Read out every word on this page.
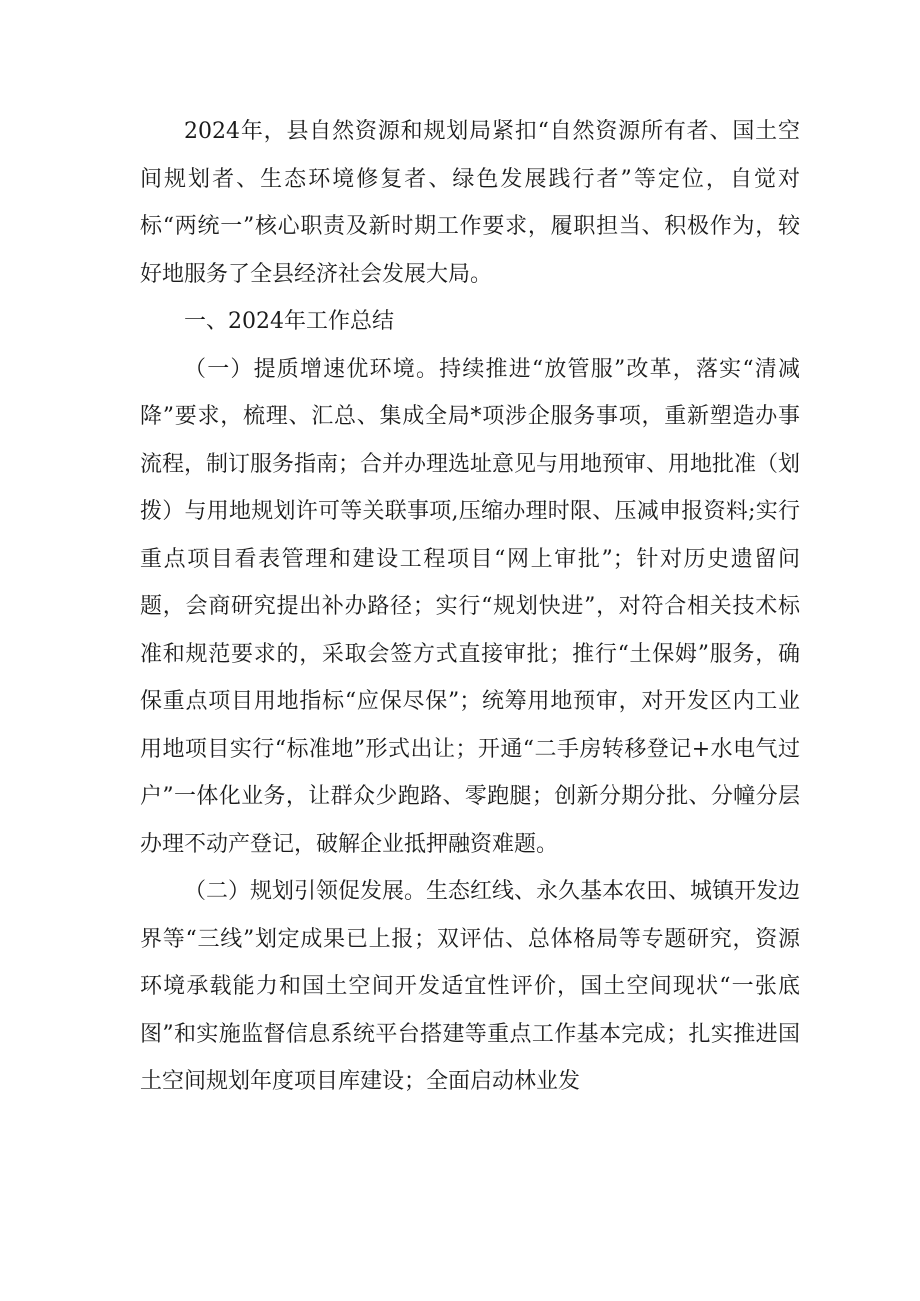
2024年，县自然资源和规划局紧扣“自然资源所有者、国土空间规划者、生态环境修复者、绿色发展践行者”等定位，自觉对标“两统一”核心职责及新时期工作要求，履职担当、积极作为，较好地服务了全县经济社会发展大局。

一、2024年工作总结

（一）提质增速优环境。持续推进“放管服”改革，落实“清减降”要求，梳理、汇总、集成全局*项涉企服务事项，重新塑造办事流程，制订服务指南；合并办理选址意见与用地预审、用地批准（划拨）与用地规划许可等关联事项,压缩办理时限、压减申报资料;实行重点项目看表管理和建设工程项目“网上审批”；针对历史遗留问题，会商研究提出补办路径；实行“规划快进”，对符合相关技术标准和规范要求的，采取会签方式直接审批；推行“土保姆”服务，确保重点项目用地指标“应保尽保”；统筹用地预审，对开发区内工业用地项目实行“标准地”形式出让；开通“二手房转移登记+水电气过户”一体化业务，让群众少跑路、零跑腿；创新分期分批、分幢分层办理不动产登记，破解企业抵押融资难题。

（二）规划引领促发展。生态红线、永久基本农田、城镇开发边界等“三线”划定成果已上报；双评估、总体格局等专题研究，资源环境承载能力和国土空间开发适宜性评价，国土空间现状“一张底图”和实施监督信息系统平台搭建等重点工作基本完成；扎实推进国土空间规划年度项目库建设；全面启动林业发
